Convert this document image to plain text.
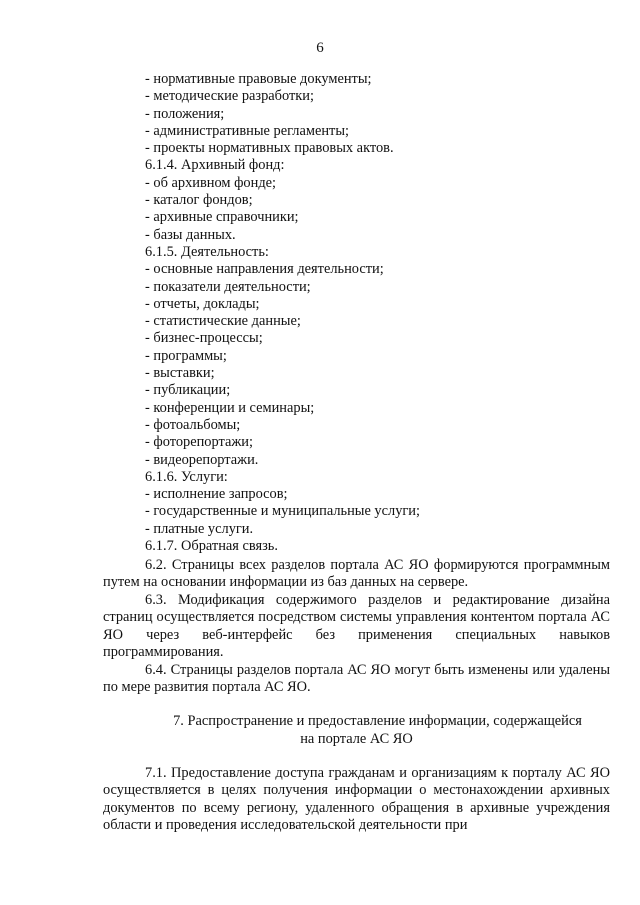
6
- нормативные правовые документы;
- методические разработки;
- положения;
- административные регламенты;
- проекты нормативных правовых актов.
6.1.4. Архивный фонд:
- об архивном фонде;
- каталог фондов;
- архивные справочники;
- базы данных.
6.1.5. Деятельность:
- основные направления деятельности;
- показатели деятельности;
- отчеты, доклады;
- статистические данные;
- бизнес-процессы;
- программы;
- выставки;
- публикации;
- конференции и семинары;
- фотоальбомы;
- фоторепортажи;
- видеорепортажи.
6.1.6. Услуги:
- исполнение запросов;
- государственные и муниципальные услуги;
- платные услуги.
6.1.7. Обратная связь.
6.2. Страницы всех разделов портала АС ЯО формируются программным путем на основании информации из баз данных на сервере.
6.3. Модификация содержимого разделов и редактирование дизайна страниц осуществляется посредством системы управления контентом портала АС ЯО через веб-интерфейс без применения специальных навыков программирования.
6.4. Страницы разделов портала АС ЯО могут быть изменены или удалены по мере развития портала АС ЯО.
7. Распространение и предоставление информации, содержащейся
на портале АС ЯО
7.1. Предоставление доступа гражданам и организациям к порталу АС ЯО осуществляется в целях получения информации о местонахождении архивных документов по всему региону, удаленного обращения в архивные учреждения области и проведения исследовательской деятельности при
